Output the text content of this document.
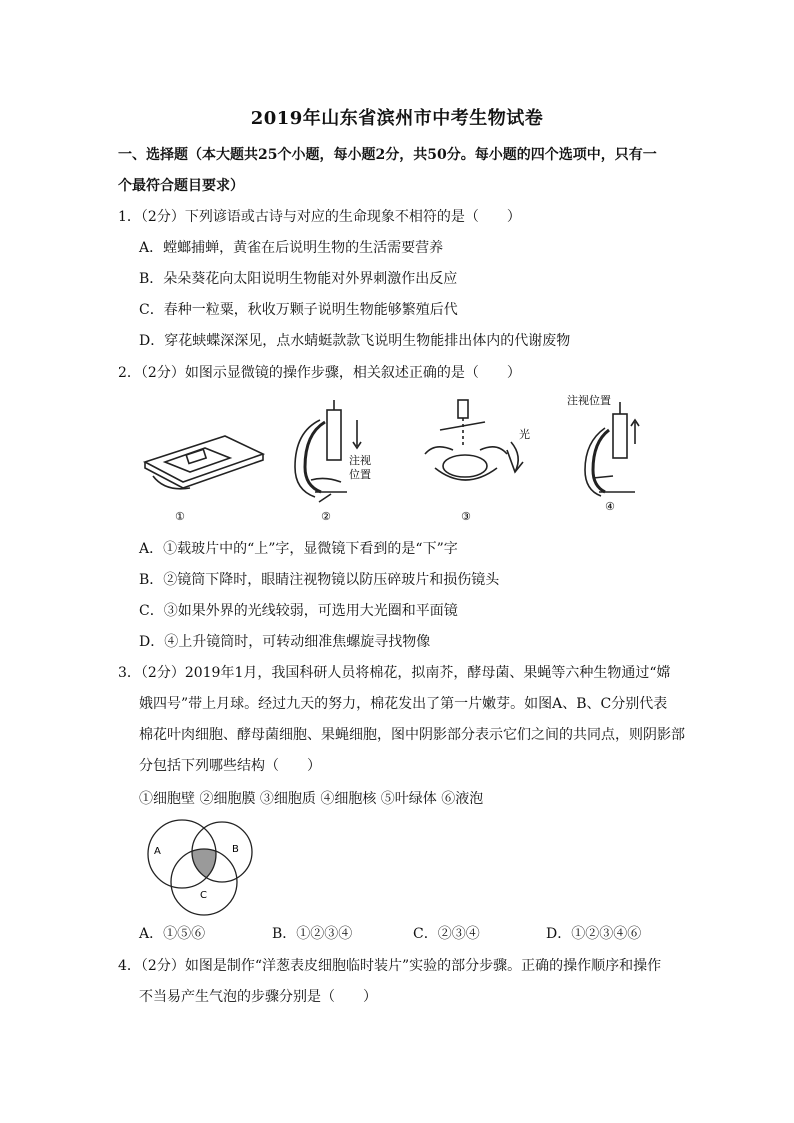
2019年山东省滨州市中考生物试卷
一、选择题（本大题共25个小题，每小题2分，共50分。每小题的四个选项中，只有一
个最符合题目要求）
1．（2分）下列谚语或古诗与对应的生命现象不相符的是（　　）
A．螳螂捕蝉，黄雀在后说明生物的生活需要营养
B．朵朵葵花向太阳说明生物能对外界刺激作出反应
C．春种一粒粟，秋收万颗子说明生物能够繁殖后代
D．穿花蛱蝶深深见，点水蜻蜓款款飞说明生物能排出体内的代谢废物
2．（2分）如图示显微镜的操作步骤，相关叙述正确的是（　　）
①
注视
位置
②
光
③
注视位置
④
A．①载玻片中的“上”字，显微镜下看到的是“下”字
B．②镜筒下降时，眼睛注视物镜以防压碎玻片和损伤镜头
C．③如果外界的光线较弱，可选用大光圈和平面镜
D．④上升镜筒时，可转动细准焦螺旋寻找物像
3．（2分）2019年1月，我国科研人员将棉花，拟南芥，酵母菌、果蝇等六种生物通过“嫦
娥四号”带上月球。经过九天的努力，棉花发出了第一片嫩芽。如图A、B、C分别代表
棉花叶肉细胞、酵母菌细胞、果蝇细胞，图中阴影部分表示它们之间的共同点，则阴影部
分包括下列哪些结构（　　）
①细胞壁 ②细胞膜 ③细胞质 ④细胞核 ⑤叶绿体 ⑥液泡
A	B
C
A．①⑤⑥	B．①②③④	C．②③④	D．①②③④⑥
4．（2分）如图是制作“洋葱表皮细胞临时装片”实验的部分步骤。正确的操作顺序和操作
不当易产生气泡的步骤分别是（　　）
